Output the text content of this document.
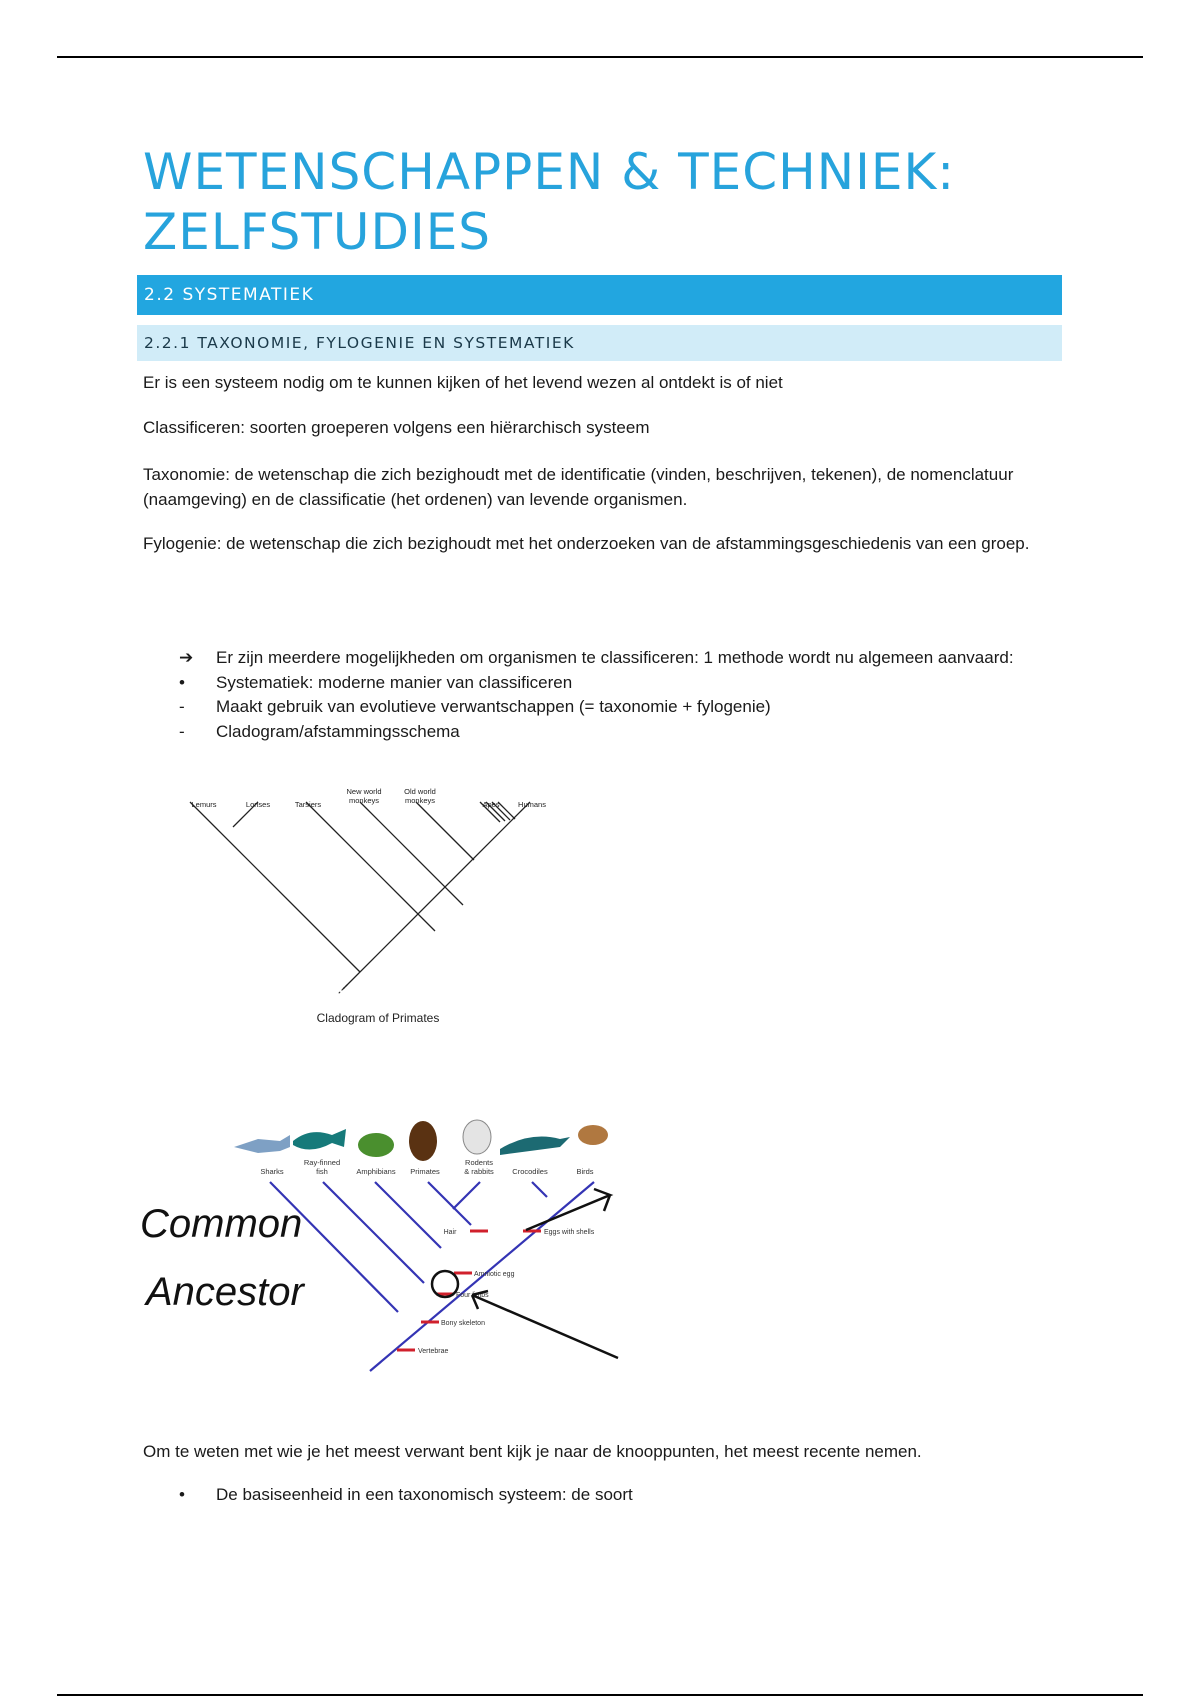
WETENSCHAPPEN & TECHNIEK: ZELFSTUDIES
2.2 SYSTEMATIEK
2.2.1 TAXONOMIE, FYLOGENIE EN SYSTEMATIEK

Er is een systeem nodig om te kunnen kijken of het levend wezen al ontdekt is of niet

Classificeren: soorten groeperen volgens een hiërarchisch systeem

Taxonomie: de wetenschap die zich bezighoudt met de identificatie (vinden, beschrijven, tekenen), de nomenclatuur (naamgeving) en de classificatie (het ordenen) van levende organismen.

Fylogenie: de wetenschap die zich bezighoudt met het onderzoeken van de afstammingsgeschiedenis van een groep.

➔	Er zijn meerdere mogelijkheden om organismen te classificeren: 1 methode wordt nu algemeen aanvaard:
•	Systematiek: moderne manier van classificeren
-	Maakt gebruik van evolutieve verwantschappen (= taxonomie + fylogenie)
-	Cladogram/afstammingsschema
Lemurs	Lorises	Tarsiers
New world
monkeys
Old world
monkeys	Apes Humans
Cladogram of Primates
Sharks
Ray-finned
fish	Amphibians Primates
Rodents
& rabbits Crocodiles	Birds
Hair	Eggs with shells
Amniotic egg
Four limbs
Bony skeleton
Vertebrae
Common
Ancestor

Om te weten met wie je het meest verwant bent kijk je naar de knooppunten, het meest recente nemen.

•	De basiseenheid in een taxonomisch systeem: de soort
